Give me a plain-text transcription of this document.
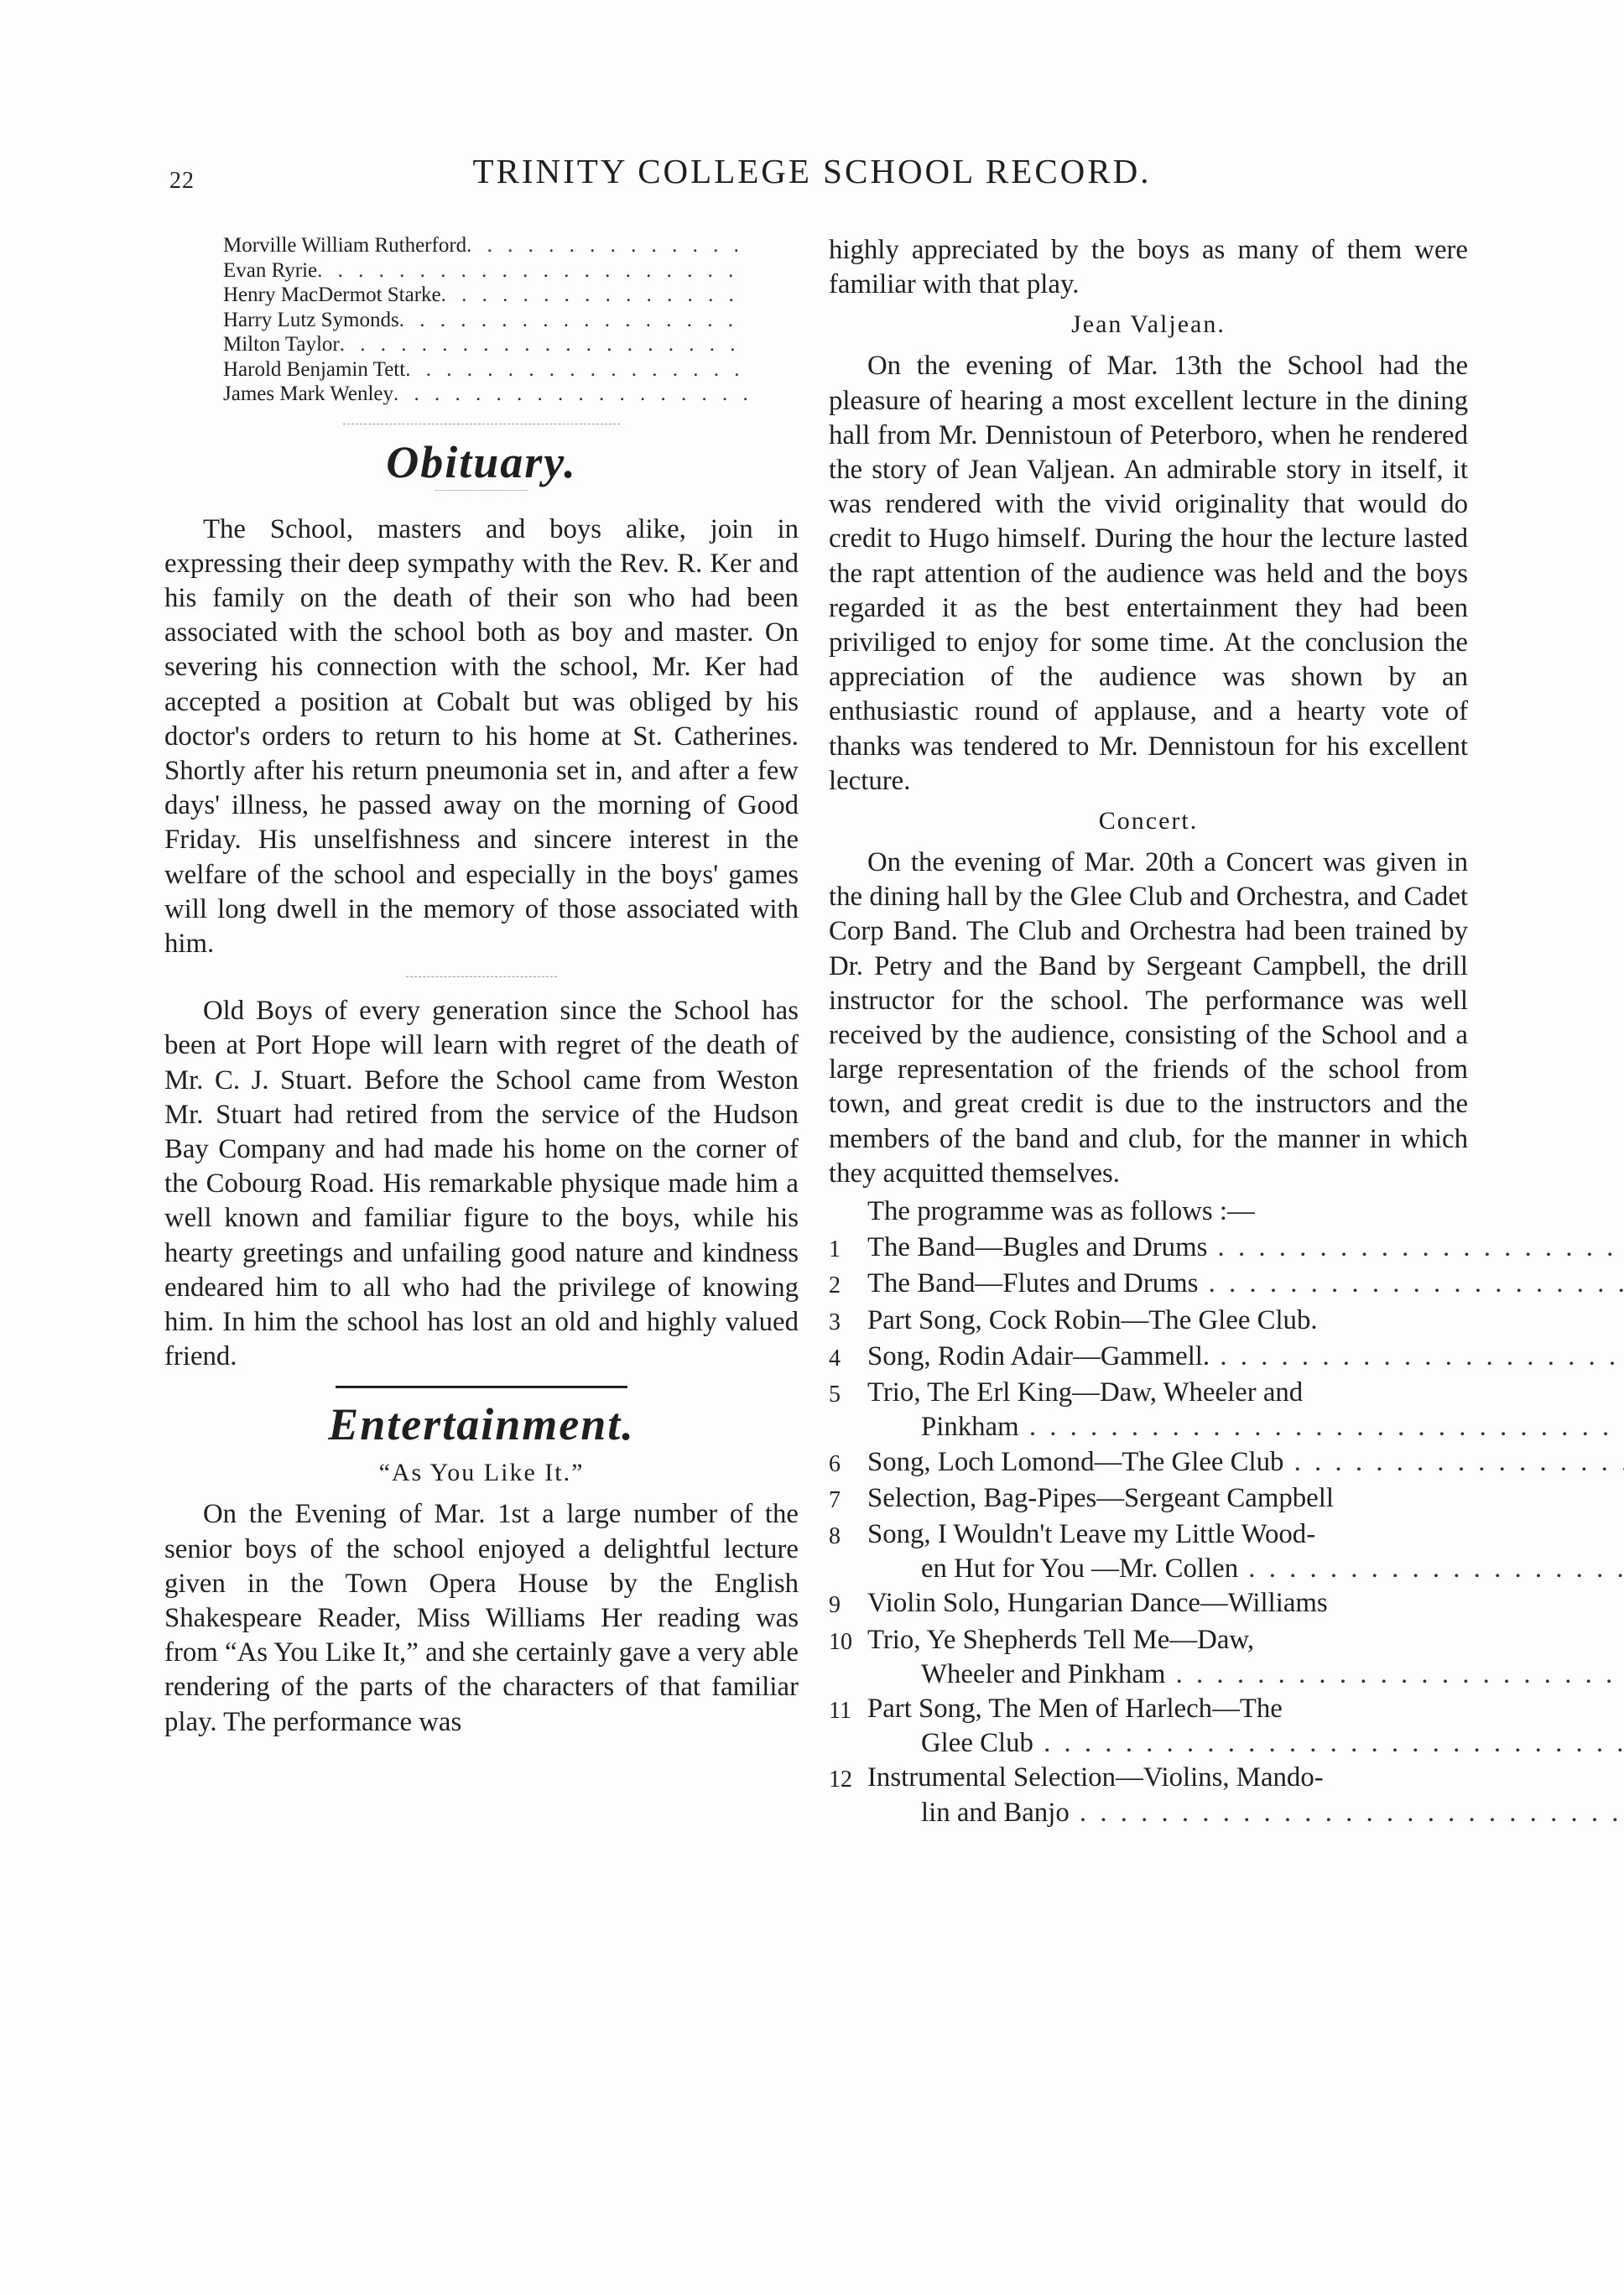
22	TRINITY COLLEGE SCHOOL RECORD.
Morville William Rutherford
. . .
Evan Ryrie
. . .
Henry MacDermot Starke
. . .
Harry Lutz Symonds
. . .
Milton Taylor
. . .
Harold Benjamin Tett
. . .
James Mark Wenley
. . .
Obituary.

The School, masters and boys alike, join in expressing their deep sympathy with the Rev. R. Ker and his family on the death of their son who had been associated with the school both as boy and master. On severing his connection with the school, Mr. Ker had accepted a position at Cobalt but was obliged by his doctor's orders to return to his home at St. Catherines. Shortly after his return pneumonia set in, and after a few days' illness, he passed away on the morning of Good Friday. His unselfishness and sincere interest in the welfare of the school and especially in the boys' games will long dwell in the memory of those associated with him.

Old Boys of every generation since the School has been at Port Hope will learn with regret of the death of Mr. C. J. Stuart. Before the School came from Weston Mr. Stuart had retired from the service of the Hudson Bay Company and had made his home on the corner of the Cobourg Road. His remarkable physique made him a well known and familiar figure to the boys, while his hearty greetings and unfailing good nature and kindness endeared him to all who had the privilege of knowing him. In him the school has lost an old and highly valued friend.

Entertainment.
“As You Like It.”

On the Evening of Mar. 1st a large number of the senior boys of the school enjoyed a delightful lecture given in the Town Opera House by the English Shakespeare Reader, Miss Williams Her reading was from “As You Like It,” and she certainly gave a very able rendering of the parts of the characters of that familiar play. The performance was

highly appreciated by the boys as many of them were familiar with that play.

Jean Valjean.

On the evening of Mar. 13th the School had the pleasure of hearing a most excellent lecture in the dining hall from Mr. Dennistoun of Peterboro, when he rendered the story of Jean Valjean. An admirable story in itself, it was rendered with the vivid originality that would do credit to Hugo himself. During the hour the lecture lasted the rapt attention of the audience was held and the boys regarded it as the best entertainment they had been priviliged to enjoy for some time. At the conclusion the appreciation of the audience was shown by an enthusiastic round of applause, and a hearty vote of thanks was tendered to Mr. Dennistoun for his excellent lecture.

Concert.

On the evening of Mar. 20th a Concert was given in the dining hall by the Glee Club and Orchestra, and Cadet Corp Band. The Club and Orchestra had been trained by Dr. Petry and the Band by Sergeant Campbell, the drill instructor for the school. The performance was well received by the audience, consisting of the School and a large representation of the friends of the school from town, and great credit is due to the instructors and the members of the band and club, for the manner in which they acquitted themselves.

The programme was as follows :—

1 The Band—Bugles and Drums . . .
2 The Band—Flutes and Drums . . .
3 Part Song, Cock Robin—The Glee Club.
4 Song, Rodin Adair—Gammell. . . .
5 Trio, The Erl King—Daw, Wheeler and
Pinkham . . .
6 Song, Loch Lomond—The Glee Club . . .
7 Selection, Bag-Pipes—Sergeant Campbell
8 Song, I Wouldn't Leave my Little Wood-
en Hut for You —Mr. Collen . . .
9 Violin Solo, Hungarian Dance—Williams
10 Trio, Ye Shepherds Tell Me—Daw,
Wheeler and Pinkham . . .
11 Part Song, The Men of Harlech—The
Glee Club . . .
12 Instrumental Selection—Violins, Mando-
lin and Banjo . . .
